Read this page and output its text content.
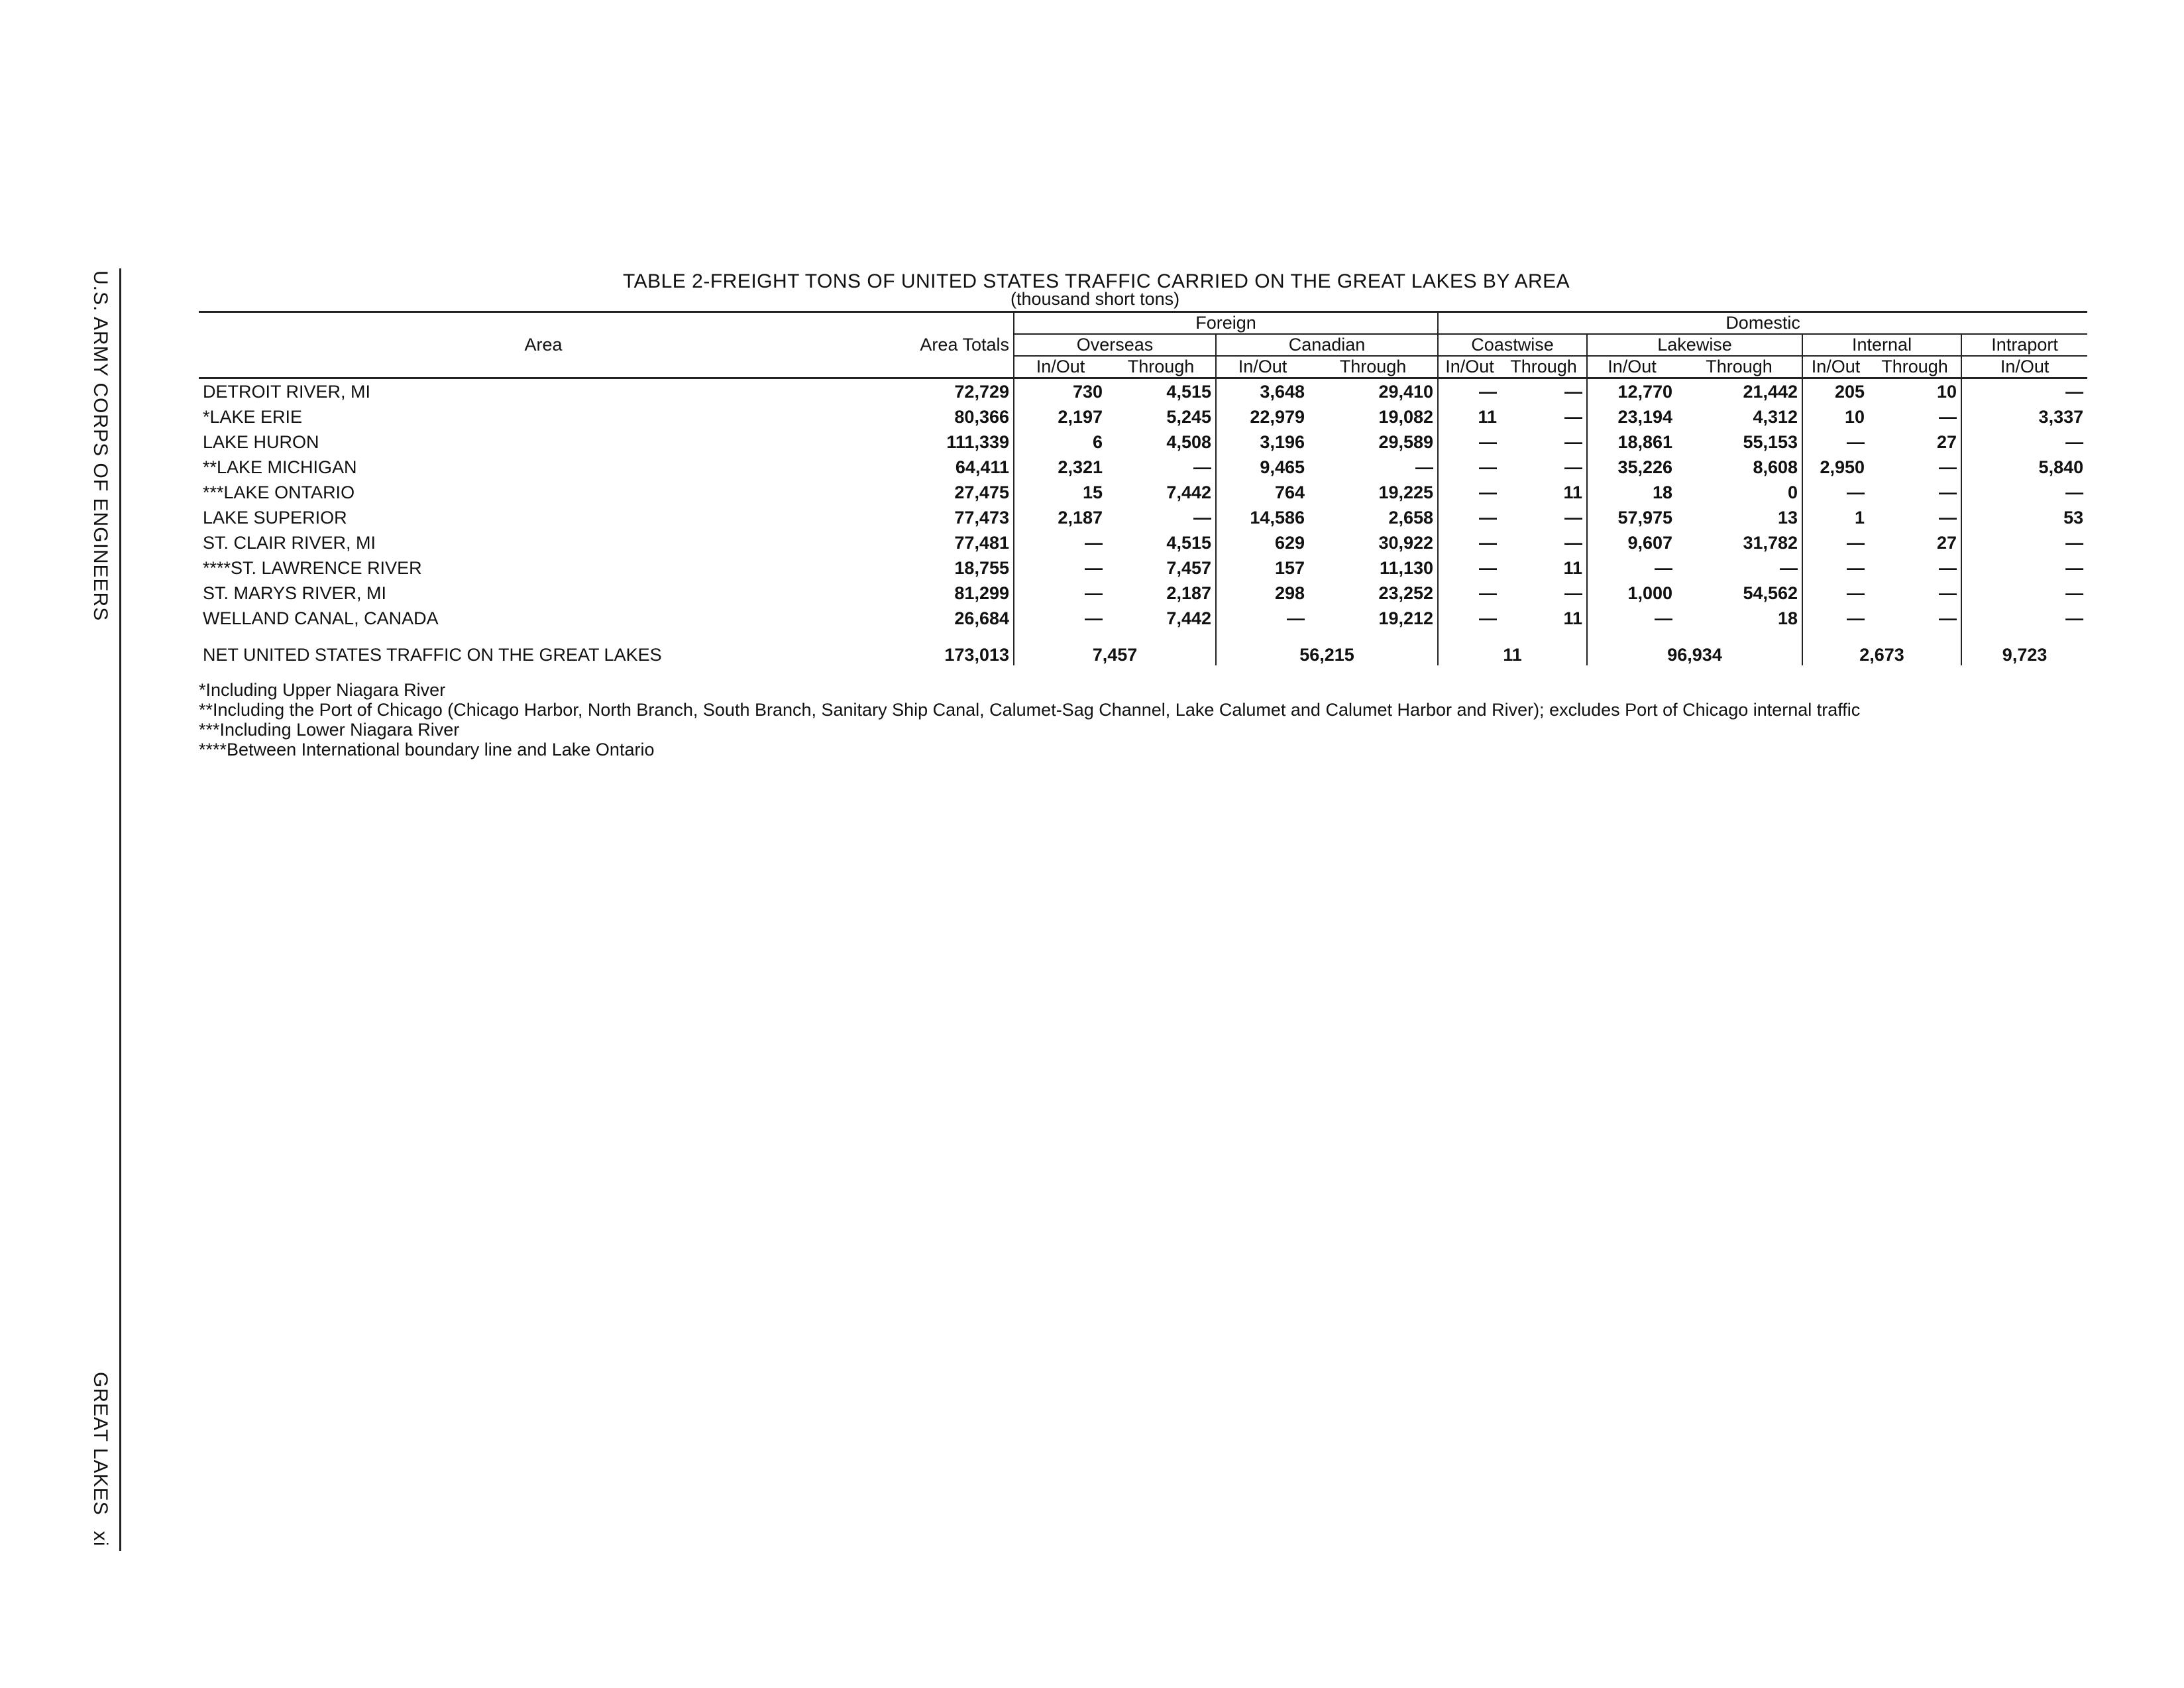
U.S. ARMY CORPS OF ENGINEERS
GREAT LAKES
xi
TABLE 2-FREIGHT TONS OF UNITED STATES TRAFFIC CARRIED ON THE GREAT LAKES BY AREA
(thousand short tons)
Area	Area Totals	Foreign				Domestic						
		Overseas		Canadian		Coastwise		Lakewise		Internal		Intraport
		In/Out	Through	In/Out	Through	In/Out	Through	In/Out	Through	In/Out	Through	In/Out
DETROIT RIVER, MI	72,729	730	4,515	3,648	29,410	—	—	12,770	21,442	205	10	—
*LAKE ERIE	80,366	2,197	5,245	22,979	19,082	11	—	23,194	4,312	10	—	3,337
LAKE HURON	111,339	6	4,508	3,196	29,589	—	—	18,861	55,153	—	27	—
**LAKE MICHIGAN	64,411	2,321	—	9,465	—	—	—	35,226	8,608	2,950	—	5,840
***LAKE ONTARIO	27,475	15	7,442	764	19,225	—	11	18	0	—	—	—
LAKE SUPERIOR	77,473	2,187	—	14,586	2,658	—	—	57,975	13	1	—	53
ST. CLAIR RIVER, MI	77,481	—	4,515	629	30,922	—	—	9,607	31,782	—	27	—
****ST. LAWRENCE RIVER	18,755	—	7,457	157	11,130	—	11	—	—	—	—	—
ST. MARYS RIVER, MI	81,299	—	2,187	298	23,252	—	—	1,000	54,562	—	—	—
WELLAND CANAL, CANADA	26,684	—	7,442	—	19,212	—	11	—	18	—	—	—
NET UNITED STATES TRAFFIC ON THE GREAT LAKES	173,013	7,457		56,215		11		96,934		2,673		9,723
*Including Upper Niagara River
**Including the Port of Chicago (Chicago Harbor, North Branch, South Branch, Sanitary Ship Canal, Calumet-Sag Channel, Lake Calumet and Calumet Harbor and River); excludes Port of Chicago internal traffic
***Including Lower Niagara River
****Between International boundary line and Lake Ontario
